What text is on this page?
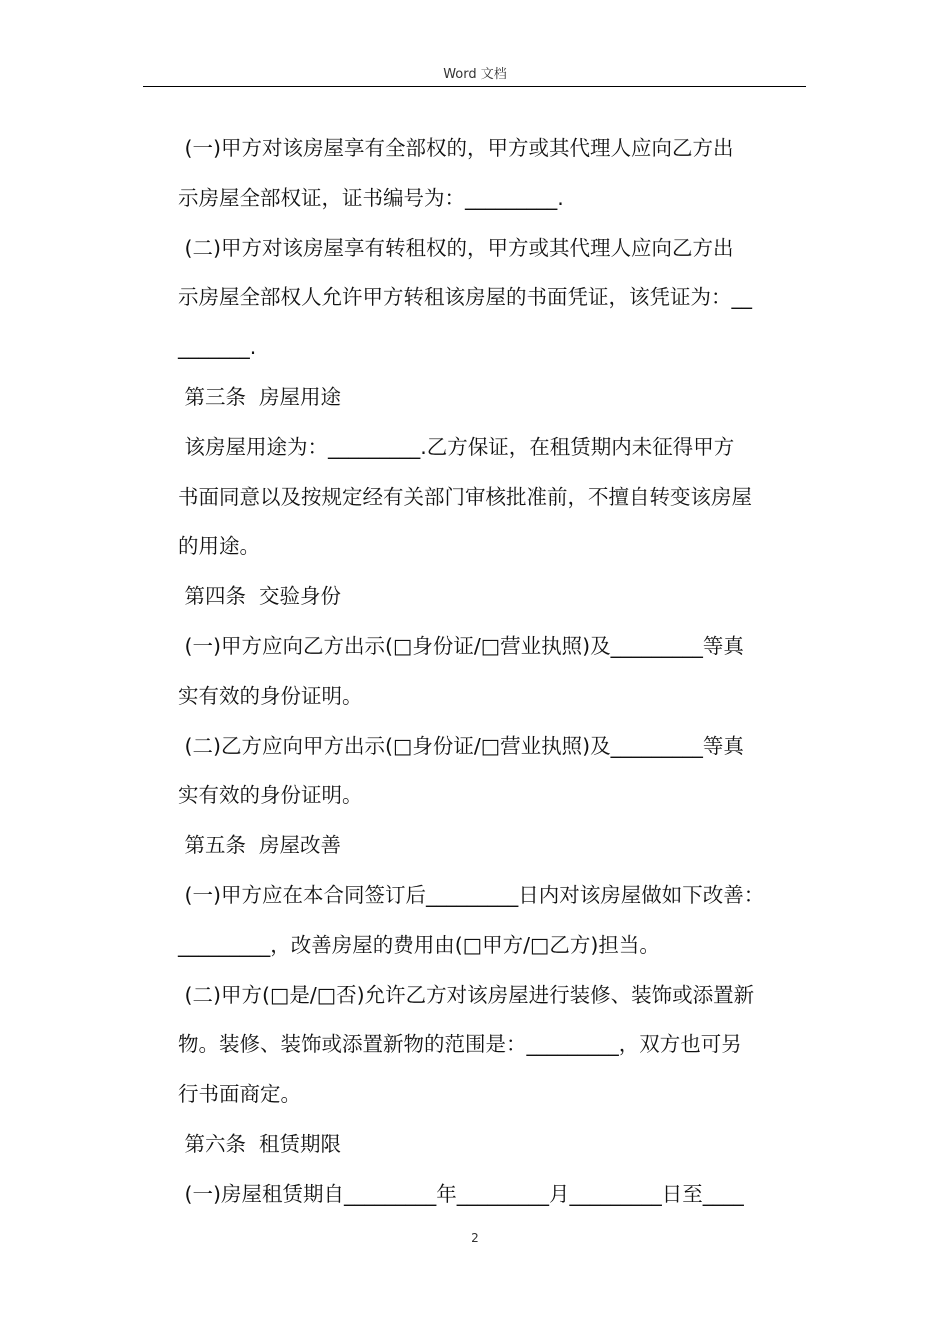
Word 文档
(一)甲方对该房屋享有全部权的，甲方或其代理人应向乙方出
示房屋全部权证，证书编号为：_________.
(二)甲方对该房屋享有转租权的，甲方或其代理人应向乙方出
示房屋全部权人允许甲方转租该房屋的书面凭证，该凭证为：__
_______.
第三条  房屋用途
该房屋用途为：_________.乙方保证，在租赁期内未征得甲方
书面同意以及按规定经有关部门审核批准前，不擅自转变该房屋
的用途。
第四条  交验身份
(一)甲方应向乙方出示(□身份证/□营业执照)及_________等真
实有效的身份证明。
(二)乙方应向甲方出示(□身份证/□营业执照)及_________等真
实有效的身份证明。
第五条  房屋改善
(一)甲方应在本合同签订后_________日内对该房屋做如下改善：
_________，改善房屋的费用由(□甲方/□乙方)担当。
(二)甲方(□是/□否)允许乙方对该房屋进行装修、装饰或添置新
物。装修、装饰或添置新物的范围是：_________，双方也可另
行书面商定。
第六条  租赁期限
(一)房屋租赁期自_________年_________月_________日至____
2
